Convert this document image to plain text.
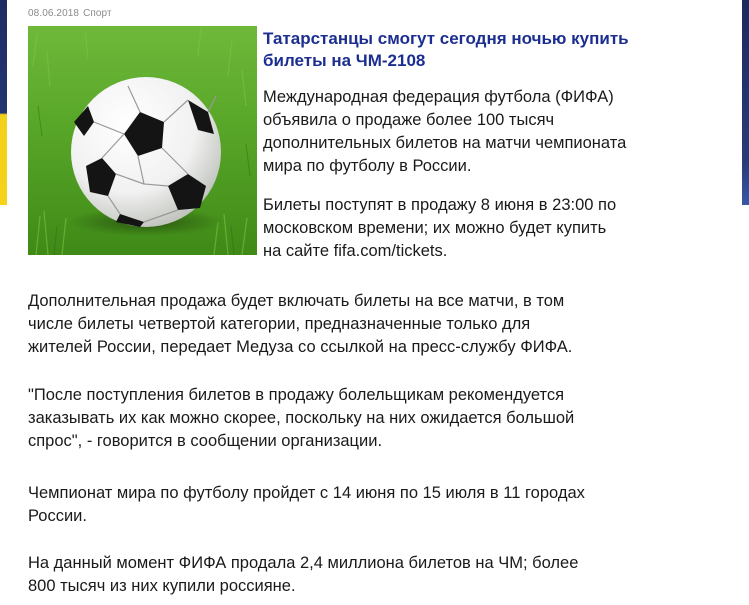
08.06.2018 Спорт
Татарстанцы смогут сегодня ночью купить
билеты на ЧМ-2108
Международная федерация футбола (ФИФА)
объявила о продаже более 100 тысяч
дополнительных билетов на матчи чемпионата
мира по футболу в России.
Билеты поступят в продажу 8 июня в 23:00 по
московском времени; их можно будет купить
на сайте fifa.com/tickets.
Дополнительная продажа будет включать билеты на все матчи, в том
числе билеты четвертой категории, предназначенные только для
жителей России, передает Медуза со ссылкой на пресс-службу ФИФА.
"После поступления билетов в продажу болельщикам рекомендуется
заказывать их как можно скорее, поскольку на них ожидается большой
спрос", - говорится в сообщении организации.
Чемпионат мира по футболу пройдет с 14 июня по 15 июля в 11 городах
России.
На данный момент ФИФА продала 2,4 миллиона билетов на ЧМ; более
800 тысяч из них купили россияне.
